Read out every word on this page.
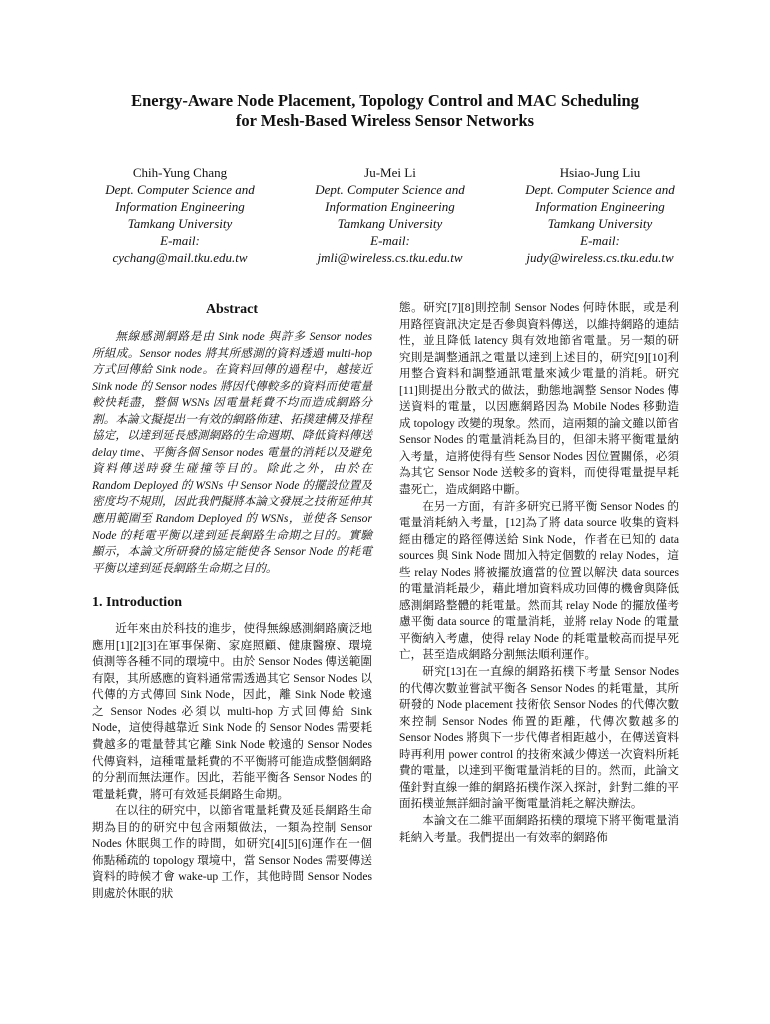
Energy-Aware Node Placement, Topology Control and MAC Scheduling
for Mesh-Based Wireless Sensor Networks
Chih-Yung Chang
Dept. Computer Science and
Information Engineering
Tamkang University
E-mail:
cychang@mail.tku.edu.tw
Ju-Mei Li
Dept. Computer Science and
Information Engineering
Tamkang University
E-mail:
jmli@wireless.cs.tku.edu.tw
Hsiao-Jung Liu
Dept. Computer Science and
Information Engineering
Tamkang University
E-mail:
judy@wireless.cs.tku.edu.tw
Abstract

無線感測網路是由 Sink node 與許多 Sensor nodes 所組成。Sensor nodes 將其所感測的資料透過 multi-hop 方式回傳給 Sink node。在資料回傳的過程中，越接近 Sink node 的 Sensor nodes 將因代傳較多的資料而使電量較快耗盡，整個 WSNs 因電量耗費不均而造成網路分割。本論文擬提出一有效的網路佈建、拓撲建構及排程協定，以達到延長感測網路的生命週期、降低資料傳送 delay time、平衡各個 Sensor nodes 電量的消耗以及避免資料傳送時發生碰撞等目的。除此之外，由於在 Random Deployed 的 WSNs 中 Sensor Node 的擺設位置及密度均不規則，因此我們擬將本論文發展之技術延伸其應用範圍至 Random Deployed 的 WSNs，並使各 Sensor Node 的耗電平衡以達到延長網路生命期之目的。實驗顯示，本論文所研發的協定能使各 Sensor Node 的耗電平衡以達到延長網路生命期之目的。

1. Introduction

近年來由於科技的進步，使得無線感測網路廣泛地應用[1][2][3]在軍事保衛、家庭照顧、健康醫療、環境偵測等各種不同的環境中。由於 Sensor Nodes 傳送範圍有限，其所感應的資料通常需透過其它 Sensor Nodes 以代傳的方式傳回 Sink Node，因此，離 Sink Node 較遠之 Sensor Nodes 必須以 multi-hop 方式回傳給 Sink Node，這使得越靠近 Sink Node 的 Sensor Nodes 需要耗費越多的電量替其它離 Sink Node 較遠的 Sensor Nodes 代傳資料，這種電量耗費的不平衡將可能造成整個網路的分割而無法運作。因此，若能平衡各 Sensor Nodes 的電量耗費，將可有效延長網路生命期。

在以往的研究中，以節省電量耗費及延長網路生命期為目的的研究中包含兩類做法，一類為控制 Sensor Nodes 休眠與工作的時間，如研究[4][5][6]運作在一個佈點稀疏的 topology 環境中，當 Sensor Nodes 需要傳送資料的時候才會 wake-up 工作，其他時間 Sensor Nodes 則處於休眠的狀

態。研究[7][8]則控制 Sensor Nodes 何時休眠，或是利用路徑資訊決定是否參與資料傳送，以維持網路的連結性，並且降低 latency 與有效地節省電量。另一類的研究則是調整通訊之電量以達到上述目的，研究[9][10]利用整合資料和調整通訊電量來減少電量的消耗。研究[11]則提出分散式的做法，動態地調整 Sensor Nodes 傳送資料的電量，以因應網路因為 Mobile Nodes 移動造成 topology 改變的現象。然而，這兩類的論文雖以節省 Sensor Nodes 的電量消耗為目的，但卻未將平衡電量納入考量，這將使得有些 Sensor Nodes 因位置關係，必須為其它 Sensor Node 送較多的資料，而使得電量提早耗盡死亡，造成網路中斷。

在另一方面，有許多研究已將平衡 Sensor Nodes 的電量消耗納入考量，[12]為了將 data source 收集的資料經由穩定的路徑傳送給 Sink Node，作者在已知的 data sources 與 Sink Node 間加入特定個數的 relay Nodes，這些 relay Nodes 將被擺放適當的位置以解決 data sources 的電量消耗最少，藉此增加資料成功回傳的機會與降低感測網路整體的耗電量。然而其 relay Node 的擺放僅考慮平衡 data source 的電量消耗，並將 relay Node 的電量平衡納入考慮，使得 relay Node 的耗電量較高而提早死亡，甚至造成網路分割無法順利運作。

研究[13]在一直線的網路拓樸下考量 Sensor Nodes 的代傳次數並嘗試平衡各 Sensor Nodes 的耗電量，其所研發的 Node placement 技術依 Sensor Nodes 的代傳次數來控制 Sensor Nodes 佈置的距離，代傳次數越多的 Sensor Nodes 將與下一步代傳者相距越小，在傳送資料時再利用 power control 的技術來減少傳送一次資料所耗費的電量，以達到平衡電量消耗的目的。然而，此論文僅針對直線一維的網路拓樸作深入探討，針對二維的平面拓樸並無詳細討論平衡電量消耗之解決辦法。

本論文在二維平面網路拓樸的環境下將平衡電量消耗納入考量。我們提出一有效率的網路佈
